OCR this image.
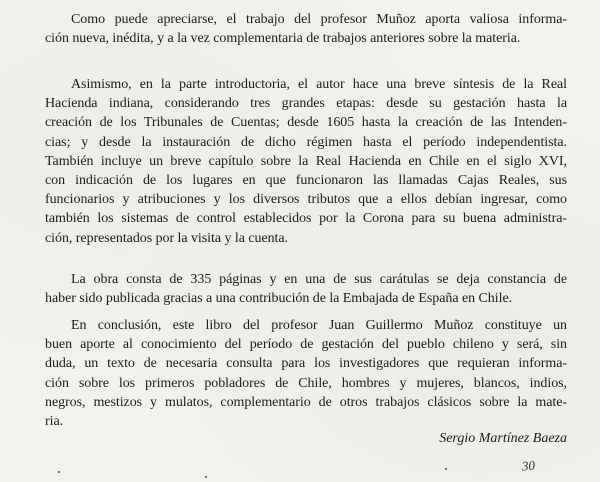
Como puede apreciarse, el trabajo del profesor Muñoz aporta valiosa informa-
ción nueva, inédita, y a la vez complementaria de trabajos anteriores sobre la materia.
Asimismo, en la parte introductoria, el autor hace una breve síntesis de la Real
Hacienda indiana, considerando tres grandes etapas: desde su gestación hasta la
creación de los Tribunales de Cuentas; desde 1605 hasta la creación de las Intenden-
cias; y desde la instauración de dicho régimen hasta el período independentista.
También incluye un breve capítulo sobre la Real Hacienda en Chile en el siglo XVI,
con indicación de los lugares en que funcionaron las llamadas Cajas Reales, sus
funcionarios y atribuciones y los diversos tributos que a ellos debían ingresar, como
también los sistemas de control establecidos por la Corona para su buena administra-
ción, representados por la visita y la cuenta.
La obra consta de 335 páginas y en una de sus carátulas se deja constancia de
haber sido publicada gracias a una contribución de la Embajada de España en Chile.
En conclusión, este libro del profesor Juan Guillermo Muñoz constituye un
buen aporte al conocimiento del período de gestación del pueblo chileno y será, sin
duda, un texto de necesaria consulta para los investigadores que requieran informa-
ción sobre los primeros pobladores de Chile, hombres y mujeres, blancos, indios,
negros, mestizos y mulatos, complementario de otros trabajos clásicos sobre la mate-
ria.
Sergio Martínez Baeza
30
